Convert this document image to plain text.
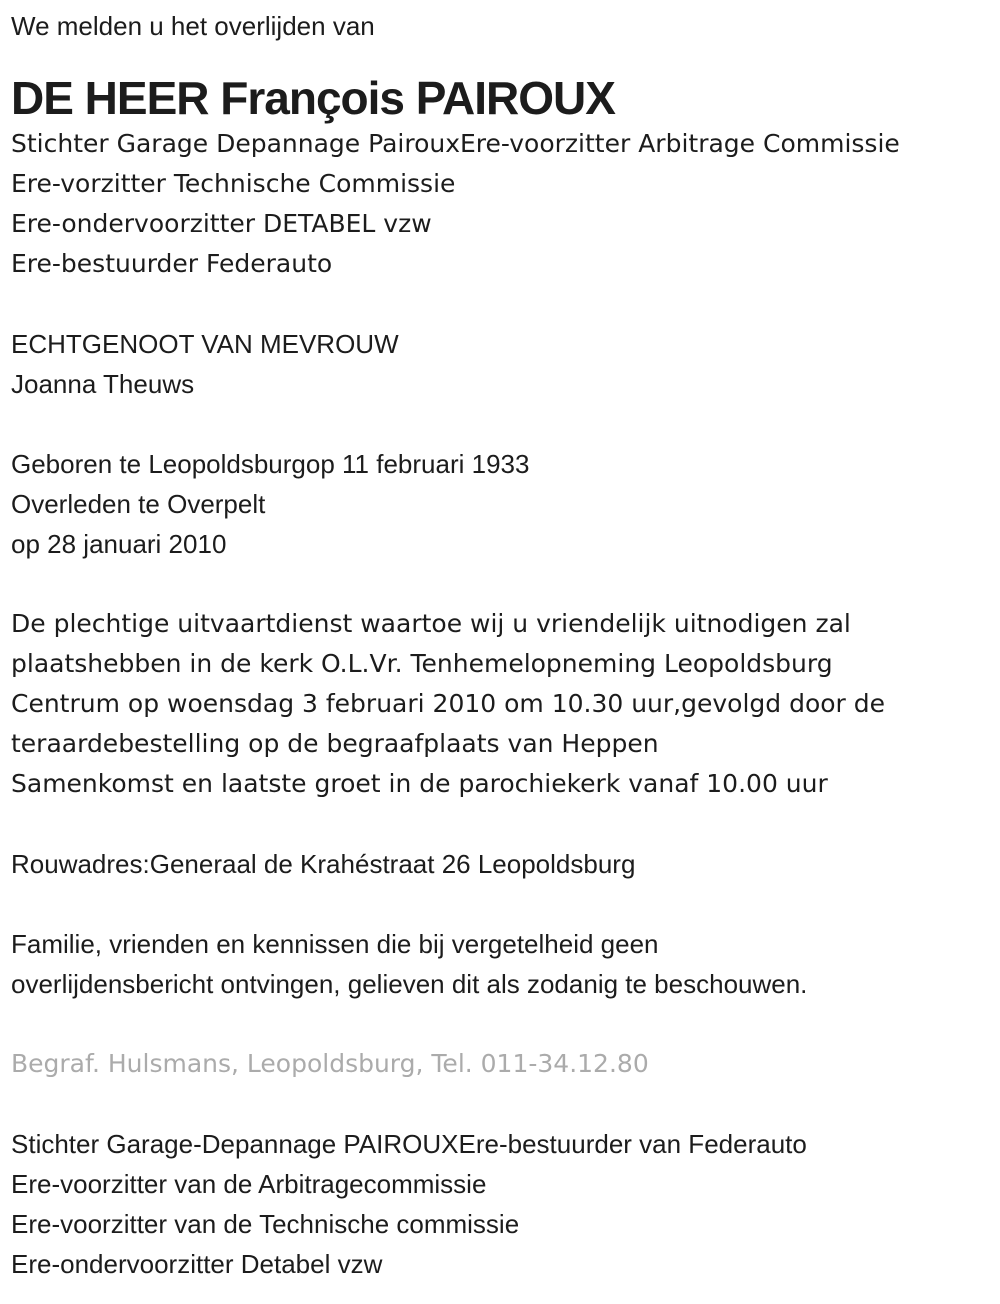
We melden u het overlijden van
DE HEER François PAIROUX
Stichter Garage Depannage PairouxEre-voorzitter Arbitrage Commissie
Ere-vorzitter Technische Commissie
Ere-ondervoorzitter DETABEL vzw
Ere-bestuurder Federauto
ECHTGENOOT VAN MEVROUW
Joanna Theuws
Geboren te Leopoldsburgop 11 februari 1933
Overleden te Overpelt
op 28 januari 2010
De plechtige uitvaartdienst waartoe wij u vriendelijk uitnodigen zal
plaatshebben in de kerk O.L.Vr. Tenhemelopneming Leopoldsburg
Centrum op woensdag 3 februari 2010 om 10.30 uur,gevolgd door de
teraardebestelling op de begraafplaats van Heppen
Samenkomst en laatste groet in de parochiekerk vanaf 10.00 uur
Rouwadres:Generaal de Krahéstraat 26 Leopoldsburg
Familie, vrienden en kennissen die bij vergetelheid geen
overlijdensbericht ontvingen, gelieven dit als zodanig te beschouwen.
Begraf. Hulsmans, Leopoldsburg, Tel. 011-34.12.80
Stichter Garage-Depannage PAIROUXEre-bestuurder van Federauto
Ere-voorzitter van de Arbitragecommissie
Ere-voorzitter van de Technische commissie
Ere-ondervoorzitter Detabel vzw
